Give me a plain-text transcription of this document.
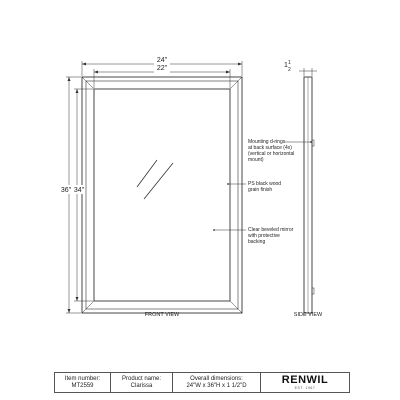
24"
22"
36" 34"
FRONT VIEW
1 1
2
SIDE VIEW
Mounting d-rings at back surface (4x) (vertical or horizontal mount)
PS black wood grain finish
Clear beveled mirror with protective backing
Item number:
MT2559
Product name:
Clarissa
Overall dimensions:
24"W x 36"H x 1 1/2"D	RENWIL
EST. 1967
